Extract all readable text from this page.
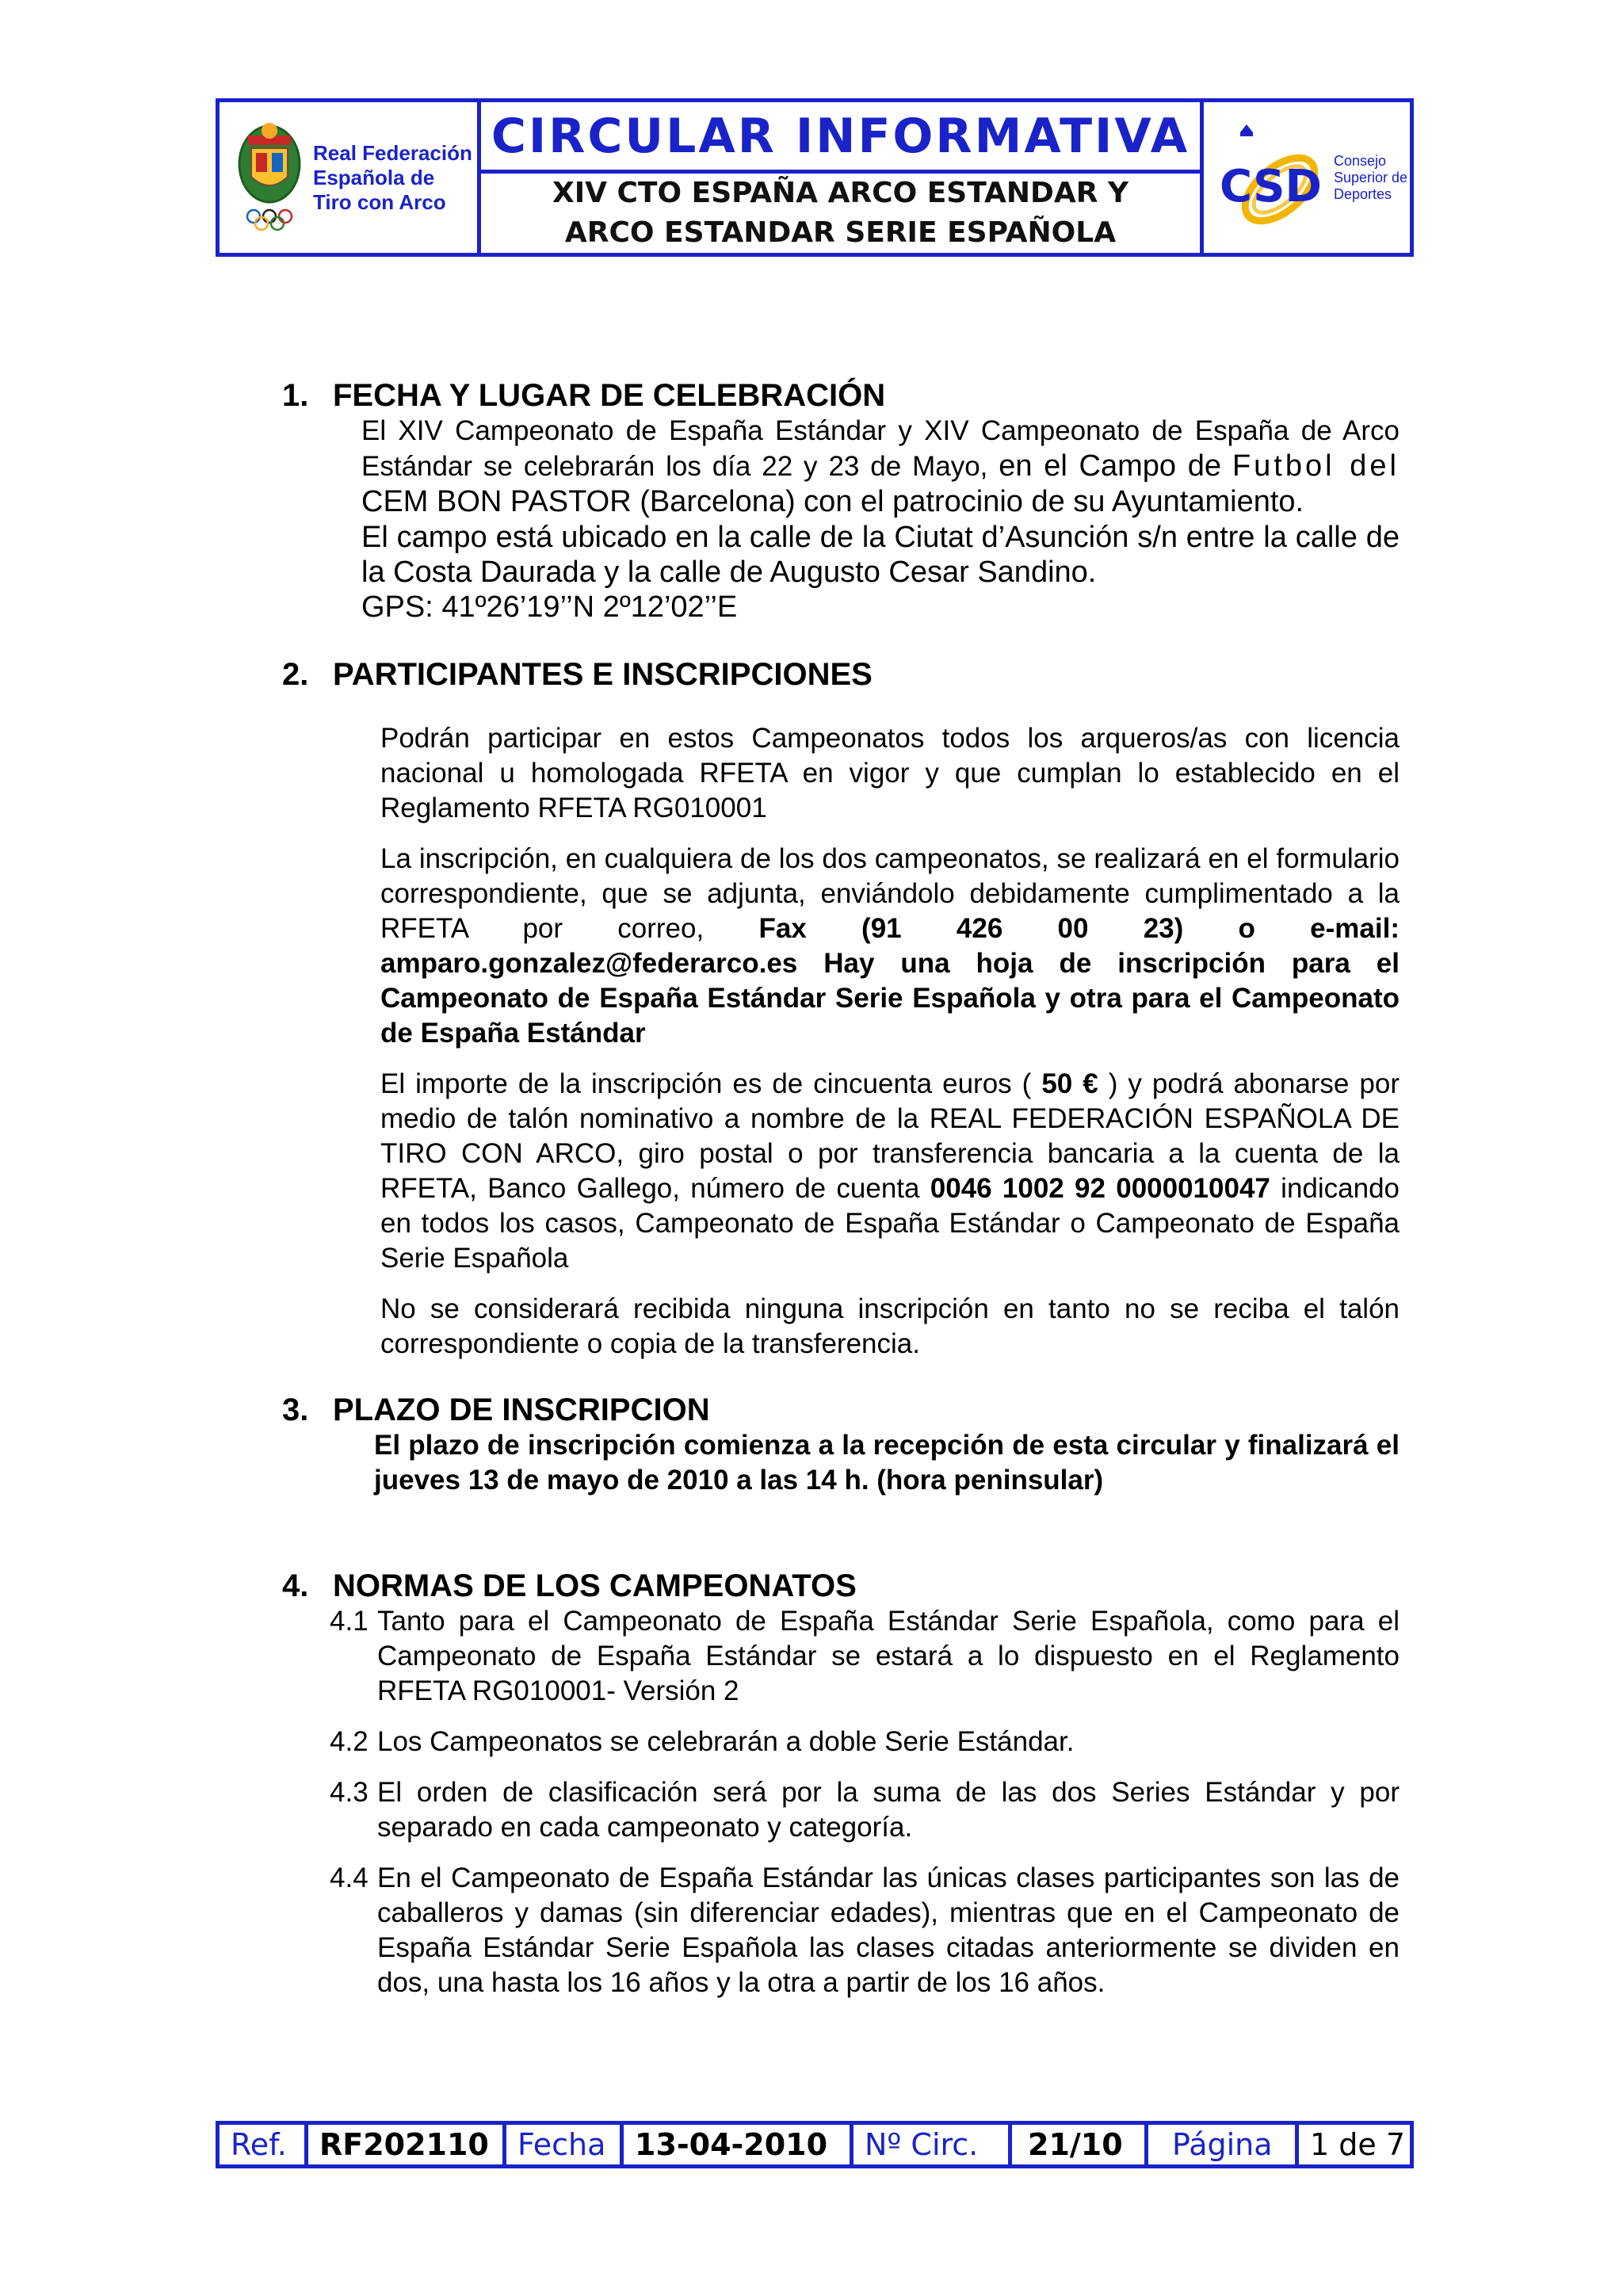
Real Federación
Española de
Tiro con Arco
CIRCULAR INFORMATIVA
XIV CTO ESPAÑA ARCO ESTANDAR Y
ARCO ESTANDAR SERIE ESPAÑOLA
CSD
Consejo
Superior de
Deportes
1. FECHA Y LUGAR DE CELEBRACIÓN
El XIV Campeonato de España Estándar y XIV Campeonato de España de Arco Estándar se celebrarán los día 22 y 23 de Mayo, en el Campo de Futbol del CEM BON PASTOR (Barcelona) con el patrocinio de su Ayuntamiento.
El campo está ubicado en la calle de la Ciutat d’Asunción s/n entre la calle de la Costa Daurada y la calle de Augusto Cesar Sandino.
GPS: 41º26’19’’N 2º12’02’’E
2. PARTICIPANTES E INSCRIPCIONES
Podrán participar en estos Campeonatos todos los arqueros/as con licencia nacional u homologada RFETA en vigor y que cumplan lo establecido en el Reglamento RFETA RG010001
La inscripción, en cualquiera de los dos campeonatos, se realizará en el formulario correspondiente, que se adjunta, enviándolo debidamente cumplimentado a la RFETA por correo, Fax (91 426 00 23) o e-mail: amparo.gonzalez@federarco.es Hay una hoja de inscripción para el Campeonato de España Estándar Serie Española y otra para el Campeonato de España Estándar
El importe de la inscripción es de cincuenta euros ( 50 € ) y podrá abonarse por medio de talón nominativo a nombre de la REAL FEDERACIÓN ESPAÑOLA DE TIRO CON ARCO, giro postal o por transferencia bancaria a la cuenta de la RFETA, Banco Gallego, número de cuenta 0046 1002 92 0000010047 indicando en todos los casos, Campeonato de España Estándar o Campeonato de España Serie Española
No se considerará recibida ninguna inscripción en tanto no se reciba el talón correspondiente o copia de la transferencia.
3. PLAZO DE INSCRIPCION
El plazo de inscripción comienza a la recepción de esta circular y finalizará el jueves 13 de mayo de 2010 a las 14 h. (hora peninsular)
4. NORMAS DE LOS CAMPEONATOS
4.1 Tanto para el Campeonato de España Estándar Serie Española, como para el Campeonato de España Estándar se estará a lo dispuesto en el Reglamento RFETA RG010001- Versión 2
4.2 Los Campeonatos se celebrarán a doble Serie Estándar.
4.3 El orden de clasificación será por la suma de las dos Series Estándar y por separado en cada campeonato y categoría.
4.4 En el Campeonato de España Estándar las únicas clases participantes son las de caballeros y damas (sin diferenciar edades), mientras que en el Campeonato de España Estándar Serie Española las clases citadas anteriormente se dividen en dos, una hasta los 16 años y la otra a partir de los 16 años.
Ref.	RF202110 Fecha 13-04-2010	Nº Circ.	21/10	Página	1 de 7
